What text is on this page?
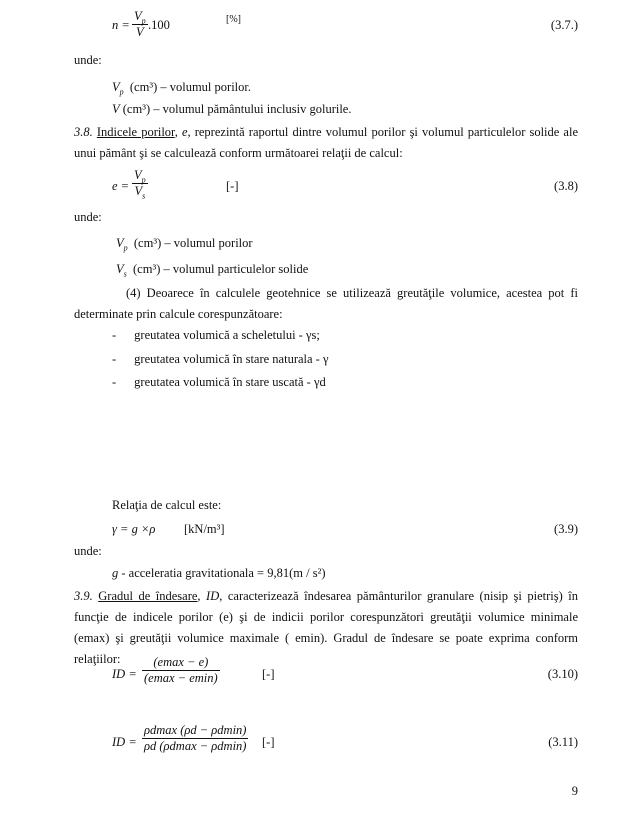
n =
$V_p$
V .100	[%]	(3.7.)
unde:
$V_p$ (cm³) – volumul porilor.
V (cm³) – volumul pământului inclusiv golurile.
3.8. Indicele porilor, e, reprezintă raportul dintre volumul porilor şi volumul particulelor solide ale unui pământ şi se calculează conform următoarei relaţii de calcul:
e =
$V_p$
$V_s$
[-]	(3.8)
unde:
$V_p$ (cm³) – volumul porilor
$V_s$ (cm³) – volumul particulelor solide
(4) Deoarece în calculele geotehnice se utilizează greutăţile volumice, acestea pot fi determinate prin calcule corespunzătoare:
- greutatea volumică a scheletului - γs;
- greutatea volumică în stare naturala - γ
- greutatea volumică în stare uscată - γd
Relaţia de calcul este:
γ = g ×ρ [kN/m³]	(3.9)
unde:
g - acceleratia gravitationala = 9,81(m / s²)
3.9. Gradul de îndesare, ID, caracterizează îndesarea pământurilor granulare (nisip şi pietriş) în funcţie de indicele porilor (e) şi de indicii porilor corespunzători greutăţii volumice minimale (emax) şi greutăţii volumice maximale ( emin). Gradul de îndesare se poate exprima conform relaţiilor:
ID =
(emax − e)
(emax − emin)	[-]	(3.10)
ID =
ρdmax (ρd − ρdmin)
ρd (ρdmax − ρdmin) [-]	(3.11)
9
